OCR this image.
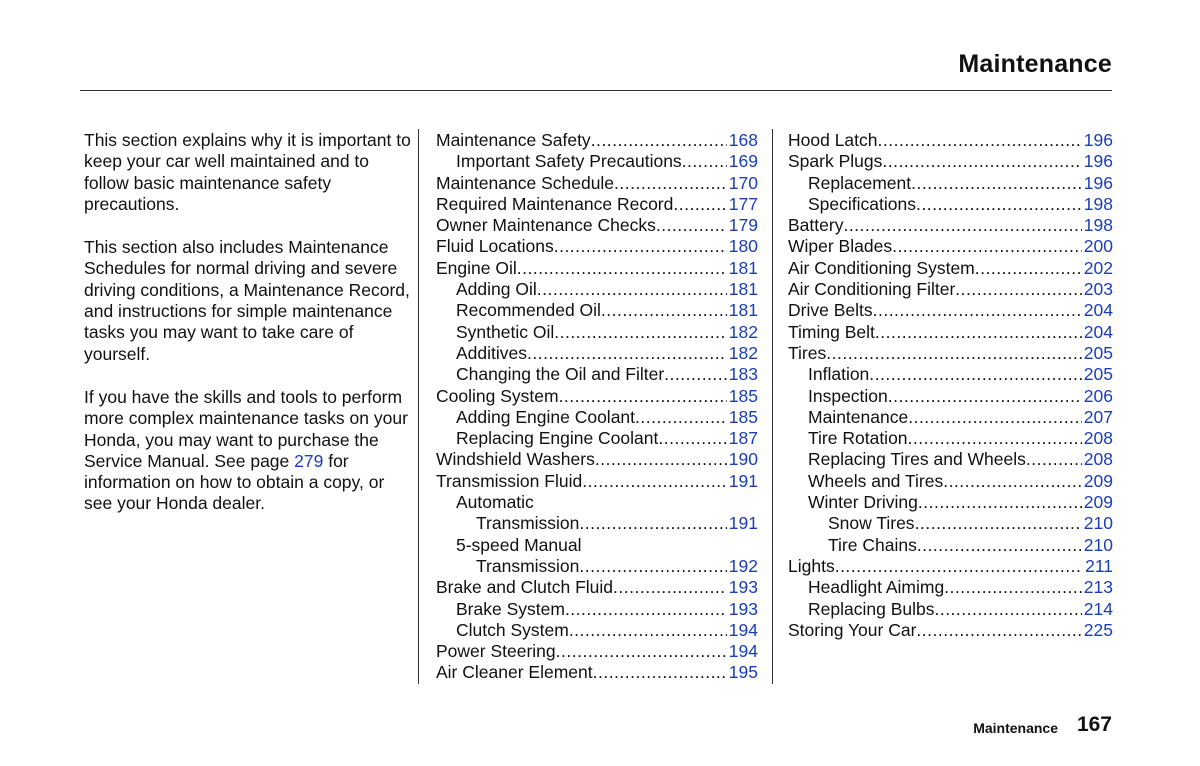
Maintenance

This section explains why it is important to keep your car well maintained and to follow basic maintenance safety precautions.

This section also includes Maintenance Schedules for normal driving and severe driving conditions, a Maintenance Record, and instructions for simple maintenance tasks you may want to take care of yourself.

If you have the skills and tools to perform more complex maintenance tasks on your Honda, you may want to purchase the Service Manual. See page 279 for information on how to obtain a copy, or see your Honda dealer.

Maintenance Safety .....	168
Important Safety Precautions .....	169
Maintenance Schedule .....	170
Required Maintenance Record .....	177
Owner Maintenance Checks .....	179
Fluid Locations .....	180
Engine Oil .....	181
Adding Oil .....	181
Recommended Oil .....	181
Synthetic Oil .....	182
Additives .....	182
Changing the Oil and Filter .....	183
Cooling System .....	185
Adding Engine Coolant .....	185
Replacing Engine Coolant .....	187
Windshield Washers .....	190
Transmission Fluid .....	191
Automatic
Transmission .....	191
5-speed Manual
Transmission .....	192
Brake and Clutch Fluid .....	193
Brake System .....	193
Clutch System .....	194
Power Steering .....	194
Air Cleaner Element .....	195
Hood Latch .....	196
Spark Plugs .....	196
Replacement .....	196
Specifications .....	198
Battery .....	198
Wiper Blades .....	200
Air Conditioning System .....	202
Air Conditioning Filter .....	203
Drive Belts .....	204
Timing Belt .....	204
Tires .....	205
Inflation .....	205
Inspection .....	206
Maintenance .....	207
Tire Rotation .....	208
Replacing Tires and Wheels .....	208
Wheels and Tires .....	209
Winter Driving .....	209
Snow Tires .....	210
Tire Chains .....	210
Lights .....	211
Headlight Aimimg .....	213
Replacing Bulbs .....	214
Storing Your Car .....	225
Maintenance 167
